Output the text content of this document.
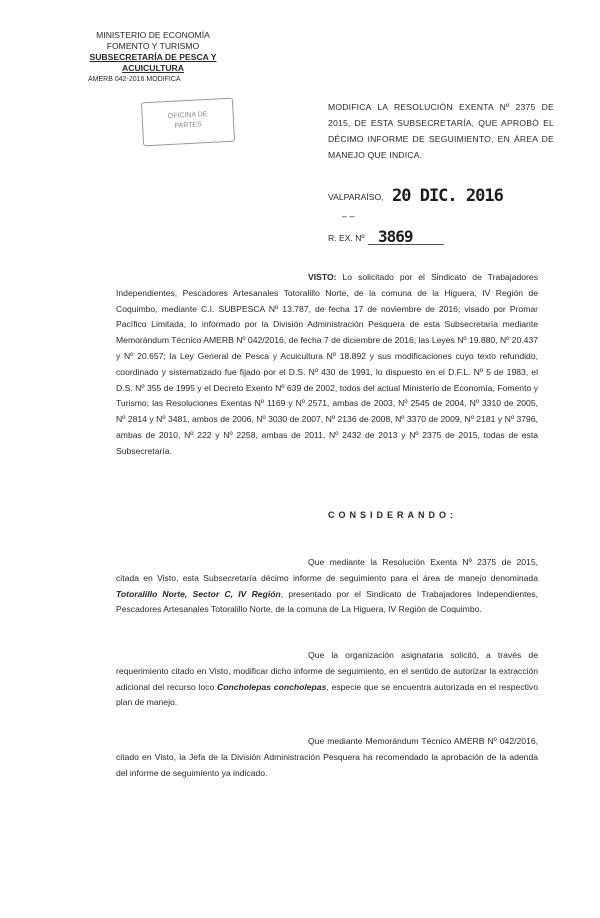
MINISTERIO DE ECONOMÍA
FOMENTO Y TURISMO
SUBSECRETARÍA DE PESCA Y ACUICULTURA
AMERB 042-2016 MODIFICA
OFICINA DE
PARTES
MODIFICA LA RESOLUCIÓN EXENTA Nº 2375 DE 2015, DE ESTA SUBSECRETARÍA, QUE APROBÓ EL DÉCIMO INFORME DE SEGUIMIENTO, EN ÁREA DE MANEJO QUE INDICA.
VALPARAÍSO, 20 DIC. 2016
– –
R. EX. Nº 3869
VISTO: Lo solicitado por el Sindicato de Trabajadores Independientes, Pescadores Artesanales Totoralillo Norte, de la comuna de la Higuera, IV Región de Coquimbo, mediante C.I. SUBPESCA Nº 13.787, de fecha 17 de noviembre de 2016; visado por Promar Pacífico Limitada, lo informado por la División Administración Pesquera de esta Subsecretaría mediante Memorándum Técnico AMERB Nº 042/2016, de fecha 7 de diciembre de 2016; las Leyes Nº 19.880, Nº 20.437 y Nº 20.657; la Ley General de Pesca y Acuicultura Nº 18.892 y sus modificaciones cuyo texto refundido, coordinado y sistematizado fue fijado por el D.S. Nº 430 de 1991, lo dispuesto en el D.F.L. Nº 5 de 1983, el D.S. Nº 355 de 1995 y el Decreto Exento Nº 639 de 2002, todos del actual Ministerio de Economía, Fomento y Turismo; las Resoluciones Exentas Nº 1169 y Nº 2571, ambas de 2003, Nº 2545 de 2004, Nº 3310 de 2005, Nº 2814 y Nº 3481, ambos de 2006, Nº 3030 de 2007, Nº 2136 de 2008, Nº 3370 de 2009, Nº 2181 y Nº 3796, ambas de 2010, Nº 222 y Nº 2258, ambas de 2011, Nº 2432 de 2013 y Nº 2375 de 2015, todas de esta Subsecretaría.
CONSIDERANDO:
Que mediante la Resolución Exenta Nº 2375 de 2015, citada en Visto, esta Subsecretaría décimo informe de seguimiento para el área de manejo denominada Totoralillo Norte, Sector C, IV Región, presentado por el Sindicato de Trabajadores Independientes, Pescadores Artesanales Totoralillo Norte, de la comuna de La Higuera, IV Región de Coquimbo.
Que la organización asignataria solicitó, a través de requerimiento citado en Visto, modificar dicho informe de seguimiento, en el sentido de autorizar la extracción adicional del recurso loco Concholepas concholepas, especie que se encuentra autorizada en el respectivo plan de manejo.
Que mediante Memorándum Técnico AMERB Nº 042/2016, citado en Visto, la Jefa de la División Administración Pesquera ha recomendado la aprobación de la adenda del informe de seguimiento ya indicado.
